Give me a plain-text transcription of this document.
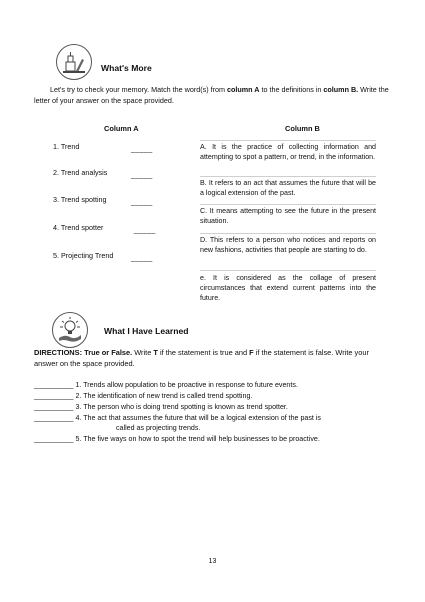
What's More
Let's try to check your memory. Match the word(s) from column A to the definitions in column B. Write the letter of your answer on the space provided.
Column A	Column B
1. Trend	_____
2. Trend analysis	_____
3. Trend spotting	_____
4. Trend spotter	_____
5. Projecting Trend _____
A. It is the practice of collecting information and attempting to spot a pattern, or trend, in the information.
B. It refers to an act that assumes the future that will be a logical extension of the past.
C. It means attempting to see the future in the present situation.
D. This refers to a person who notices and reports on new fashions, activities that people are starting to do.
e. It is considered as the collage of present circumstances that extend current patterns into the future.
What I Have Learned
DIRECTIONS: True or False. Write T if the statement is true and F if the statement is false. Write your answer on the space provided.
__________ 1. Trends allow population to be proactive in response to future events.
__________ 2. The identification of new trend is called trend spotting.
__________ 3. The person who is doing trend spotting is known as trend spotter.
__________ 4. The act that assumes the future that will be a logical extension of the past is
called as projecting trends.
__________ 5. The five ways on how to spot the trend will help businesses to be proactive.
13
